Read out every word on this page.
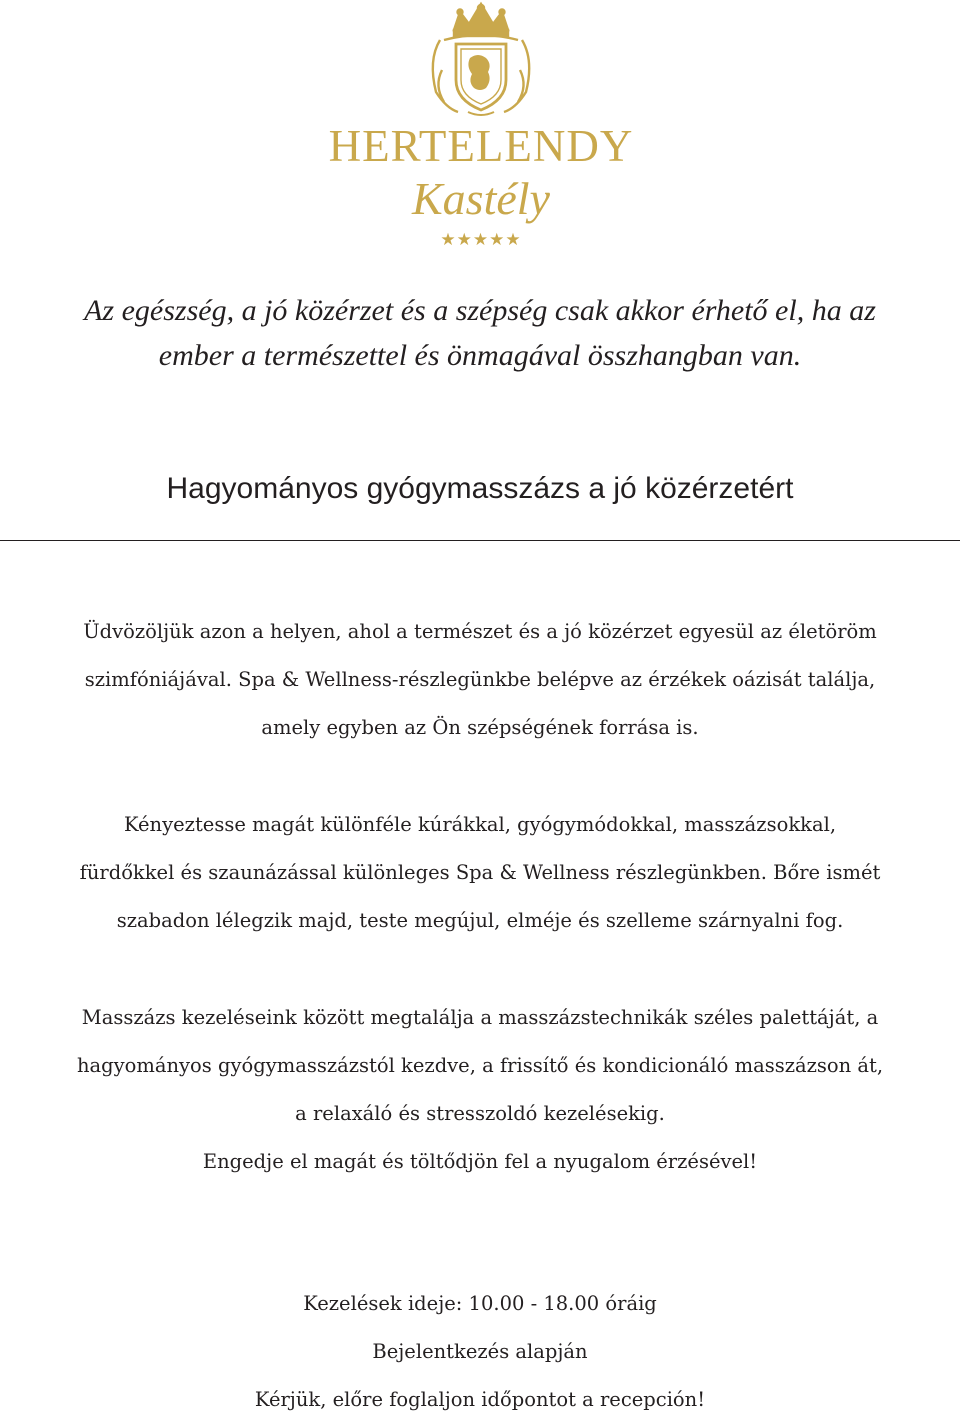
HERTELENDY
Kastély
★★★★★
Az egészség, a jó közérzet és a szépség csak akkor érhető el, ha az
ember a természettel és önmagával összhangban van.
Hagyományos gyógymasszázs a jó közérzetért
Üdvözöljük azon a helyen, ahol a természet és a jó közérzet egyesül az életöröm
szimfóniájával. Spa & Wellness-részlegünkbe belépve az érzékek oázisát találja,
amely egyben az Ön szépségének forrása is.
Kényeztesse magát különféle kúrákkal, gyógymódokkal, masszázsokkal,
fürdőkkel és szaunázással különleges Spa & Wellness részlegünkben. Bőre ismét
szabadon lélegzik majd, teste megújul, elméje és szelleme szárnyalni fog.
Masszázs kezeléseink között megtalálja a masszázstechnikák széles palettáját, a
hagyományos gyógymasszázstól kezdve, a frissítő és kondicionáló masszázson át,
a relaxáló és stresszoldó kezelésekig.
Engedje el magát és töltődjön fel a nyugalom érzésével!
Kezelések ideje: 10.00 - 18.00 óráig
Bejelentkezés alapján
Kérjük, előre foglaljon időpontot a recepción!
